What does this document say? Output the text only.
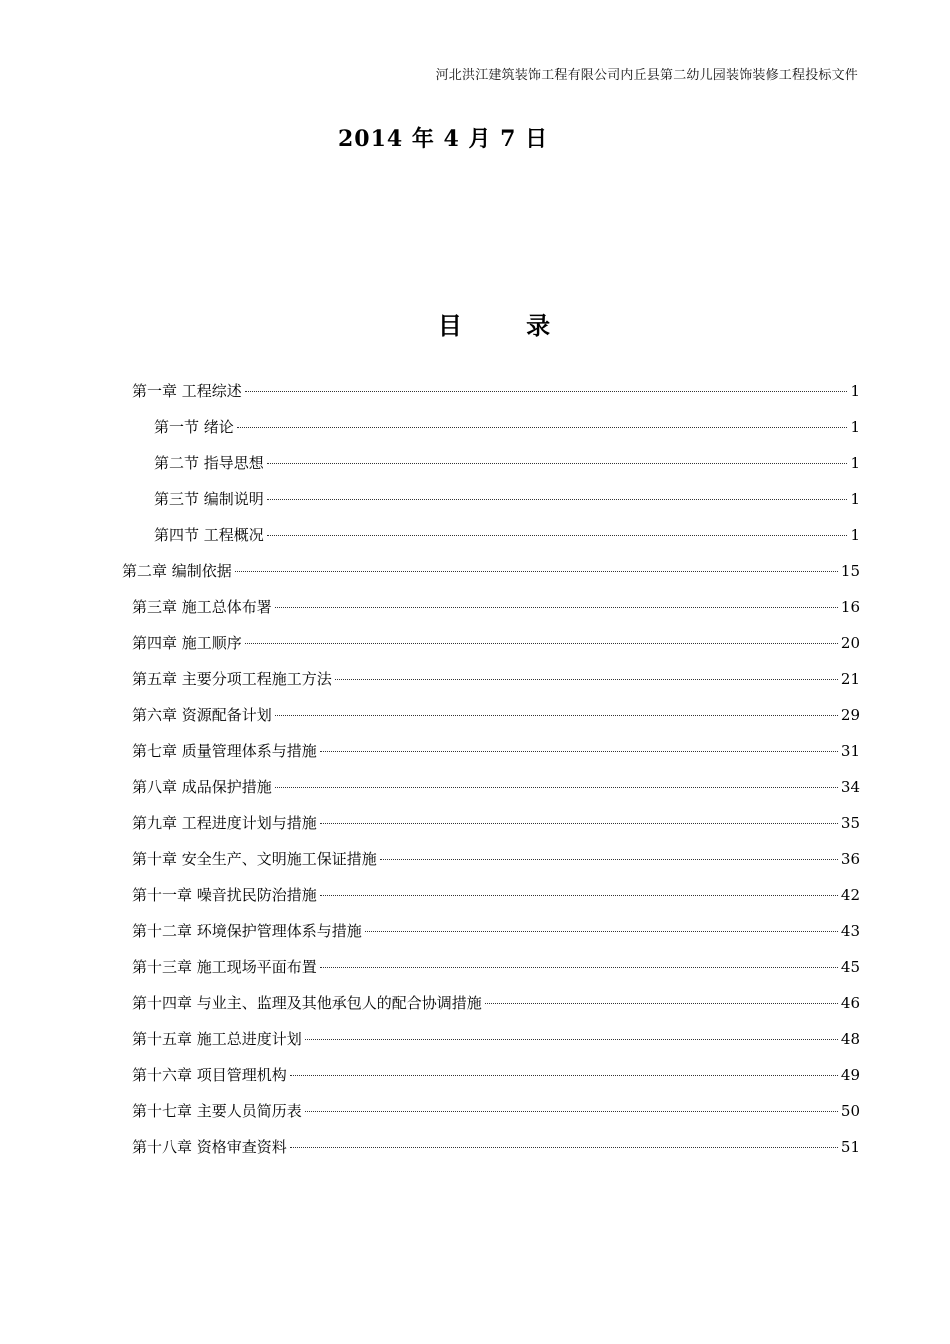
河北洪江建筑装饰工程有限公司内丘县第二幼儿园装饰装修工程投标文件
2014 年 4 月 7 日
目 录
第一章 工程综述	1
第一节 绪论	1
第二节 指导思想	1
第三节 编制说明	1
第四节 工程概况	1
第二章 编制依据	15
第三章 施工总体布署	16
第四章 施工顺序	20
第五章 主要分项工程施工方法	21
第六章 资源配备计划	29
第七章 质量管理体系与措施	31
第八章 成品保护措施	34
第九章 工程进度计划与措施	35
第十章 安全生产、文明施工保证措施	36
第十一章 噪音扰民防治措施	42
第十二章 环境保护管理体系与措施	43
第十三章 施工现场平面布置	45
第十四章 与业主、监理及其他承包人的配合协调措施	46
第十五章 施工总进度计划	48
第十六章 项目管理机构	49
第十七章 主要人员简历表	50
第十八章 资格审查资料	51
